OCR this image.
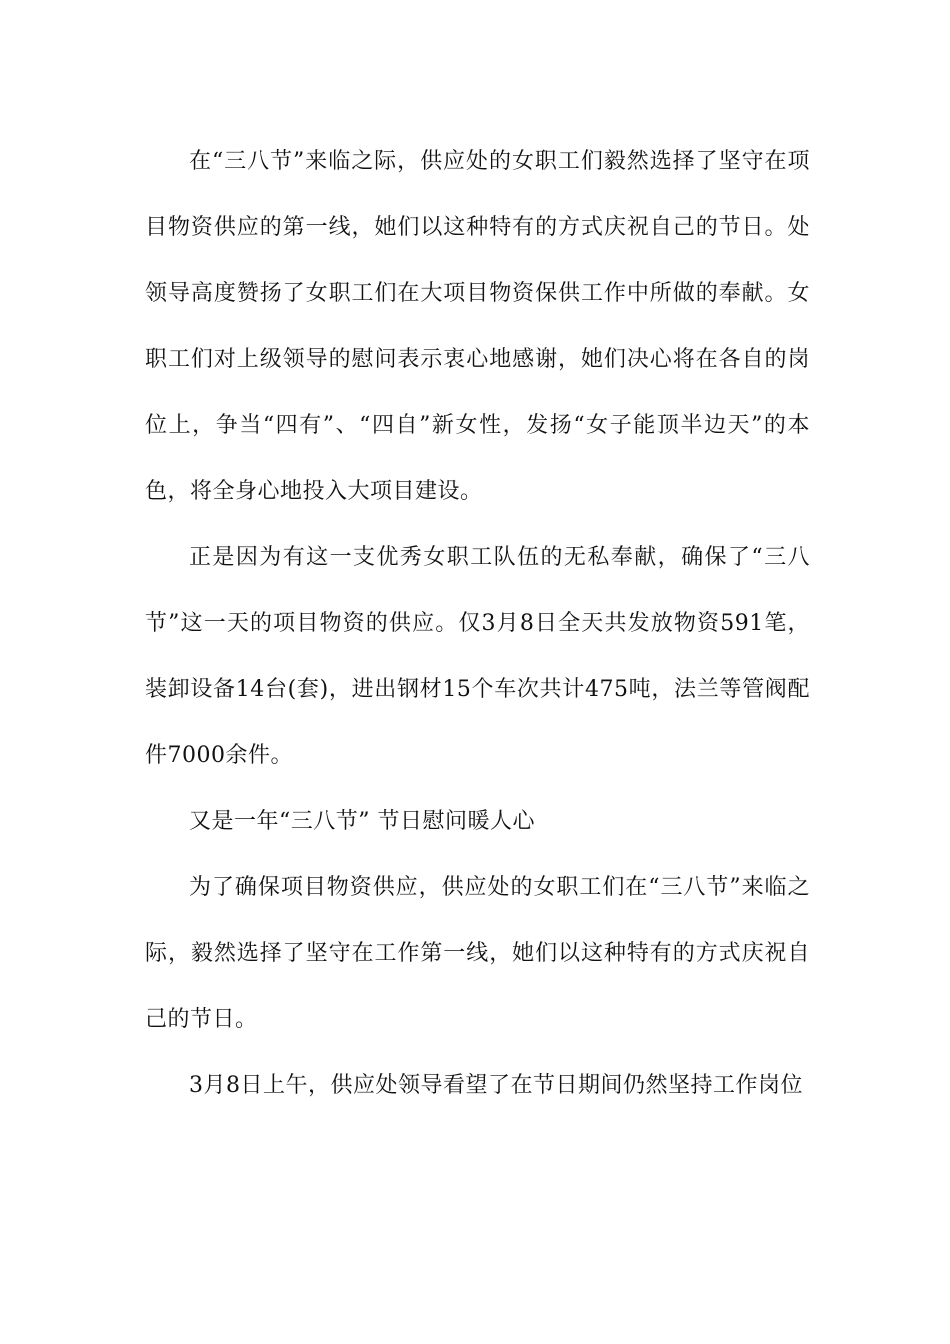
在“三八节”来临之际，供应处的女职工们毅然选择了坚守在项目物资供应的第一线，她们以这种特有的方式庆祝自己的节日。处领导高度赞扬了女职工们在大项目物资保供工作中所做的奉献。女职工们对上级领导的慰问表示衷心地感谢，她们决心将在各自的岗位上，争当“四有”、“四自”新女性，发扬“女子能顶半边天”的本色，将全身心地投入大项目建设。

正是因为有这一支优秀女职工队伍的无私奉献，确保了“三八节”这一天的项目物资的供应。仅3月8日全天共发放物资591笔，装卸设备14台(套)，进出钢材15个车次共计475吨，法兰等管阀配件7000余件。

又是一年“三八节” 节日慰问暖人心

为了确保项目物资供应，供应处的女职工们在“三八节”来临之际，毅然选择了坚守在工作第一线，她们以这种特有的方式庆祝自己的节日。

3月8日上午，供应处领导看望了在节日期间仍然坚持工作岗位
